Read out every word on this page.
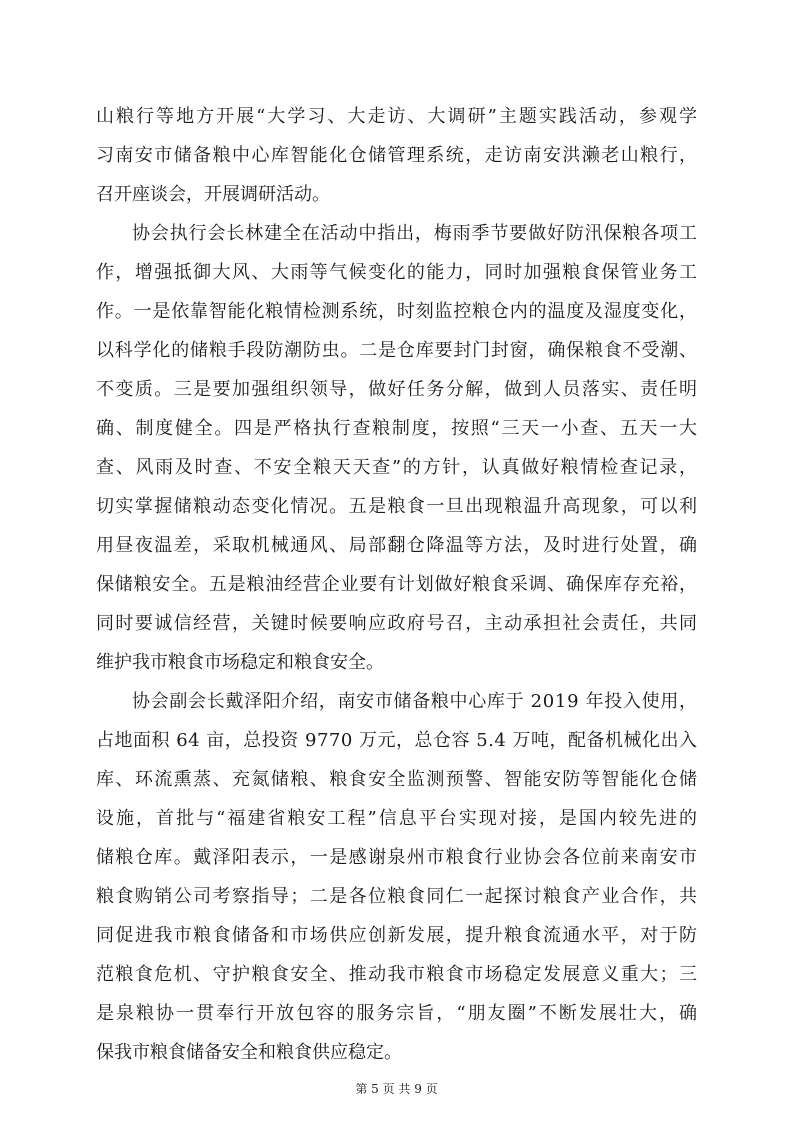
山粮行等地方开展“大学习、大走访、大调研”主题实践活动，参观学
习南安市储备粮中心库智能化仓储管理系统，走访南安洪濑老山粮行，
召开座谈会，开展调研活动。
协会执行会长林建全在活动中指出，梅雨季节要做好防汛保粮各项工
作，增强抵御大风、大雨等气候变化的能力，同时加强粮食保管业务工
作。一是依靠智能化粮情检测系统，时刻监控粮仓内的温度及湿度变化，
以科学化的储粮手段防潮防虫。二是仓库要封门封窗，确保粮食不受潮、
不变质。三是要加强组织领导，做好任务分解，做到人员落实、责任明
确、制度健全。四是严格执行查粮制度，按照“三天一小查、五天一大
查、风雨及时查、不安全粮天天查”的方针，认真做好粮情检查记录，
切实掌握储粮动态变化情况。五是粮食一旦出现粮温升高现象，可以利
用昼夜温差，采取机械通风、局部翻仓降温等方法，及时进行处置，确
保储粮安全。五是粮油经营企业要有计划做好粮食采调、确保库存充裕，
同时要诚信经营，关键时候要响应政府号召，主动承担社会责任，共同
维护我市粮食市场稳定和粮食安全。
协会副会长戴泽阳介绍，南安市储备粮中心库于 2019 年投入使用，
占地面积 64 亩，总投资 9770 万元，总仓容 5.4 万吨，配备机械化出入
库、环流熏蒸、充氮储粮、粮食安全监测预警、智能安防等智能化仓储
设施，首批与“福建省粮安工程”信息平台实现对接，是国内较先进的
储粮仓库。戴泽阳表示，一是感谢泉州市粮食行业协会各位前来南安市
粮食购销公司考察指导；二是各位粮食同仁一起探讨粮食产业合作，共
同促进我市粮食储备和市场供应创新发展，提升粮食流通水平，对于防
范粮食危机、守护粮食安全、推动我市粮食市场稳定发展意义重大；三
是泉粮协一贯奉行开放包容的服务宗旨，“朋友圈”不断发展壮大，确
保我市粮食储备安全和粮食供应稳定。
第 5 页 共 9 页
